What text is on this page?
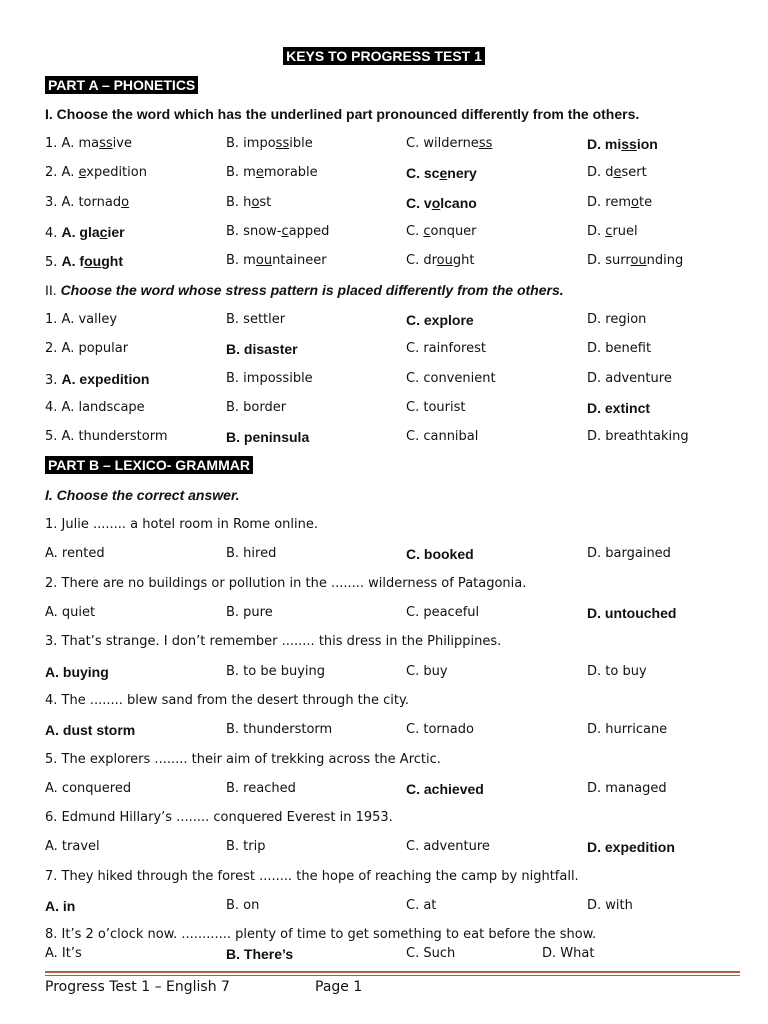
KEYS TO PROGRESS TEST 1
PART A – PHONETICS
I. Choose the word which has the underlined part pronounced differently from the others.
1. A. massive	B. impossible	C. wilderness	D. mission
2. A. expedition	B. memorable	C. scenery	D. desert
3. A. tornado	B. host	C. volcano	D. remote
4. A. glacier	B. snow-capped	C. conquer	D. cruel
5. A. fought	B. mountaineer	C. drought	D. surrounding
II. Choose the word whose stress pattern is placed differently from the others.
1. A. valley	B. settler	C. explore	D. region
2. A. popular	B. disaster	C. rainforest	D. benefit
3. A. expedition	B. impossible	C. convenient	D. adventure
4. A. landscape	B. border	C. tourist	D. extinct
5. A. thunderstorm	B. peninsula	C. cannibal	D. breathtaking
PART B – LEXICO- GRAMMAR
I. Choose the correct answer.
1. Julie ........ a hotel room in Rome online.
A. rented	B. hired	C. booked	D. bargained
2. There are no buildings or pollution in the ........ wilderness of Patagonia.
A. quiet	B. pure	C. peaceful	D. untouched
3. That’s strange. I don’t remember ........ this dress in the Philippines.
A. buying	B. to be buying	C. buy	D. to buy
4. The ........ blew sand from the desert through the city.
A. dust storm	B. thunderstorm	C. tornado	D. hurricane
5. The explorers ........ their aim of trekking across the Arctic.
A. conquered	B. reached	C. achieved	D. managed
6. Edmund Hillary’s ........ conquered Everest in 1953.
A. travel	B. trip	C. adventure	D. expedition
7. They hiked through the forest ........ the hope of reaching the camp by nightfall.
A. in	B. on	C. at	D. with
8. It’s 2 o’clock now. ............ plenty of time to get something to eat before the show.
A. It’s	B. There’s	C. Such	D. What
Progress Test 1 – English 7	Page 1
